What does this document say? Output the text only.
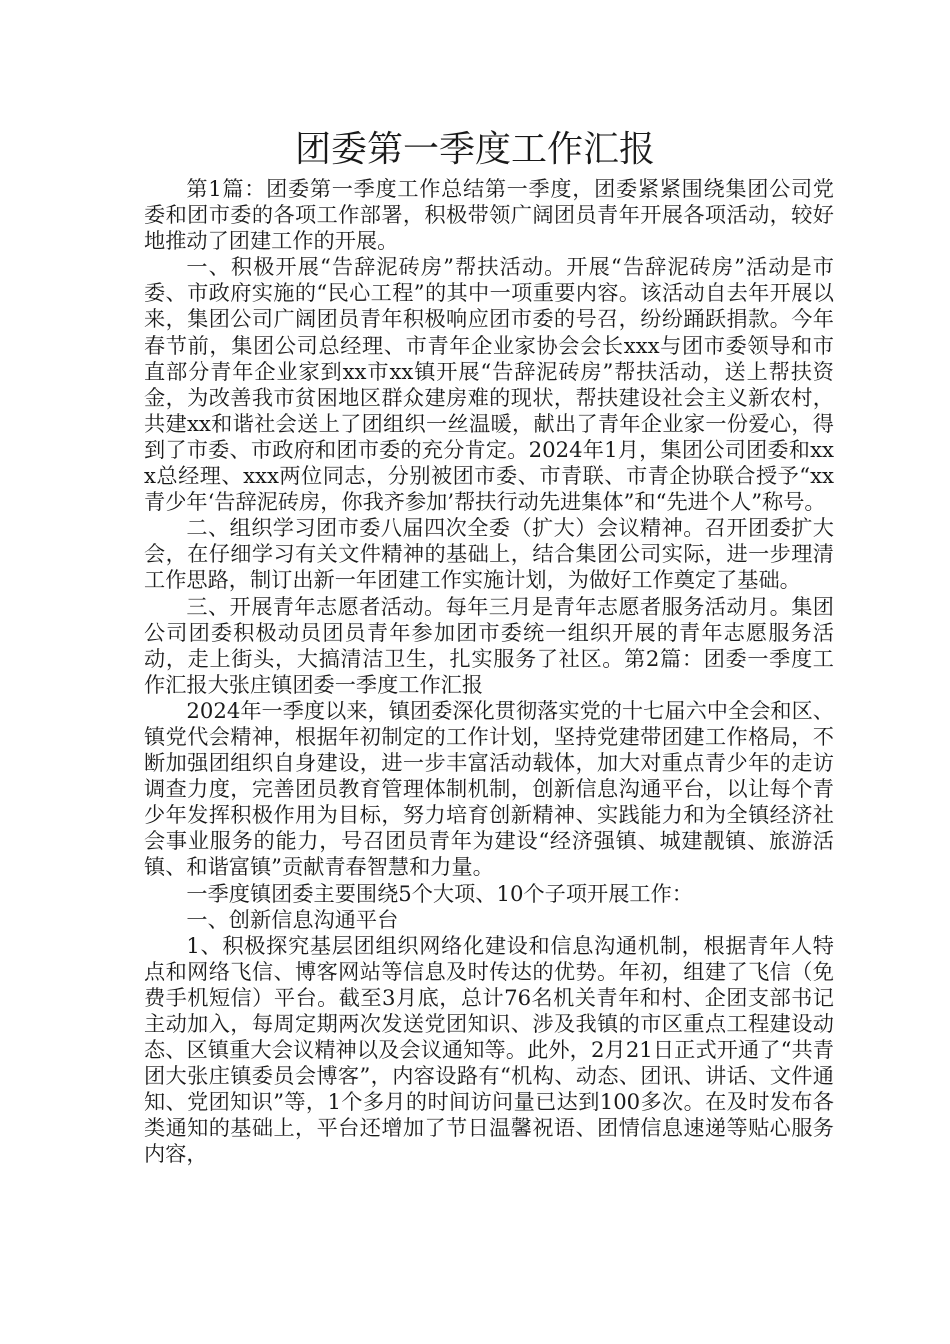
团委第一季度工作汇报

第1篇：团委第一季度工作总结第一季度，团委紧紧围绕集团公司党委和团市委的各项工作部署，积极带领广阔团员青年开展各项活动，较好地推动了团建工作的开展。

一、积极开展“告辞泥砖房”帮扶活动。开展“告辞泥砖房”活动是市委、市政府实施的“民心工程”的其中一项重要内容。该活动自去年开展以来，集团公司广阔团员青年积极响应团市委的号召，纷纷踊跃捐款。今年春节前，集团公司总经理、市青年企业家协会会长xxx与团市委领导和市直部分青年企业家到xx市xx镇开展“告辞泥砖房”帮扶活动，送上帮扶资金，为改善我市贫困地区群众建房难的现状，帮扶建设社会主义新农村，共建xx和谐社会送上了团组织一丝温暖，献出了青年企业家一份爱心，得到了市委、市政府和团市委的充分肯定。2024年1月，集团公司团委和xxx总经理、xxx两位同志，分别被团市委、市青联、市青企协联合授予“xx青少年‘告辞泥砖房，你我齐参加’帮扶行动先进集体”和“先进个人”称号。

二、组织学习团市委八届四次全委（扩大）会议精神。召开团委扩大会，在仔细学习有关文件精神的基础上，结合集团公司实际，进一步理清工作思路，制订出新一年团建工作实施计划，为做好工作奠定了基础。

三、开展青年志愿者活动。每年三月是青年志愿者服务活动月。集团公司团委积极动员团员青年参加团市委统一组织开展的青年志愿服务活动，走上街头，大搞清洁卫生，扎实服务了社区。第2篇：团委一季度工作汇报大张庄镇团委一季度工作汇报

2024年一季度以来，镇团委深化贯彻落实党的十七届六中全会和区、镇党代会精神，根据年初制定的工作计划，坚持党建带团建工作格局，不断加强团组织自身建设，进一步丰富活动载体，加大对重点青少年的走访调查力度，完善团员教育管理体制机制，创新信息沟通平台，以让每个青少年发挥积极作用为目标，努力培育创新精神、实践能力和为全镇经济社会事业服务的能力，号召团员青年为建设“经济强镇、城建靓镇、旅游活镇、和谐富镇”贡献青春智慧和力量。

一季度镇团委主要围绕5个大项、10个子项开展工作：

一、创新信息沟通平台

1、积极探究基层团组织网络化建设和信息沟通机制，根据青年人特点和网络飞信、博客网站等信息及时传达的优势。年初，组建了飞信（免费手机短信）平台。截至3月底，总计76名机关青年和村、企团支部书记主动加入，每周定期两次发送党团知识、涉及我镇的市区重点工程建设动态、区镇重大会议精神以及会议通知等。此外，2月21日正式开通了“共青团大张庄镇委员会博客”，内容设路有“机构、动态、团讯、讲话、文件通知、党团知识”等，1个多月的时间访问量已达到100多次。在及时发布各类通知的基础上，平台还增加了节日温馨祝语、团情信息速递等贴心服务内容，
